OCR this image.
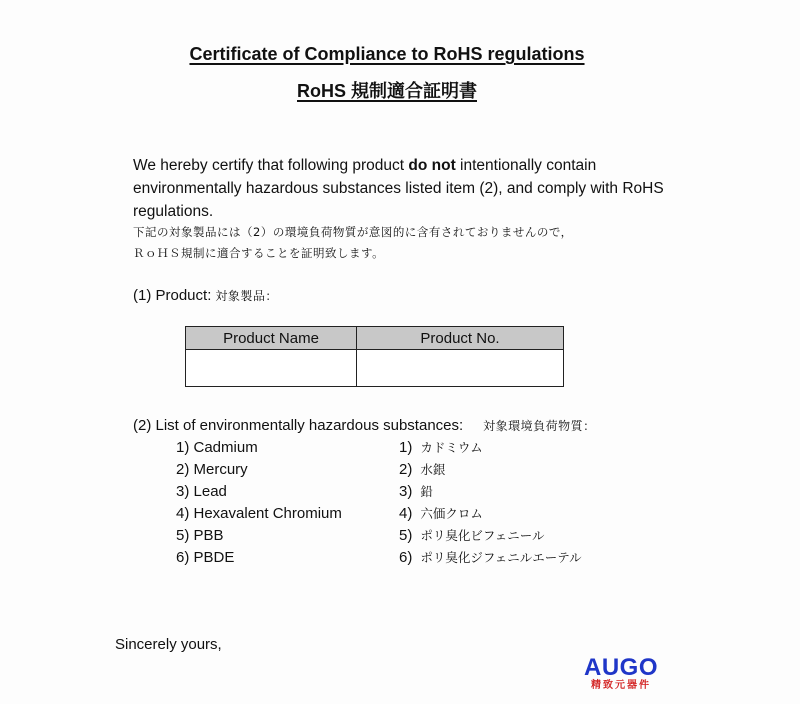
Certificate of Compliance to RoHS regulations
RoHS 規制適合証明書
We hereby certify that following product do not intentionally contain environmentally hazardous substances listed item (2), and comply with RoHS regulations.
下記の対象製品には（2）の環境負荷物質が意図的に含有されておりませんので，
ＲｏＨＳ規制に適合することを証明致します。
(1) Product: 対象製品：
Product Name	Product No.

(2) List of environmentally hazardous substances: 対象環境負荷物質：
1) Cadmium
2) Mercury
3) Lead
4) Hexavalent Chromium
5) PBB
6) PBDE
1) カドミウム
2) 水銀
3) 鉛
4) 六価クロム
5) ポリ臭化ビフェニール
6) ポリ臭化ジフェニルエーテル
Sincerely yours,
AUGO
精致元器件
